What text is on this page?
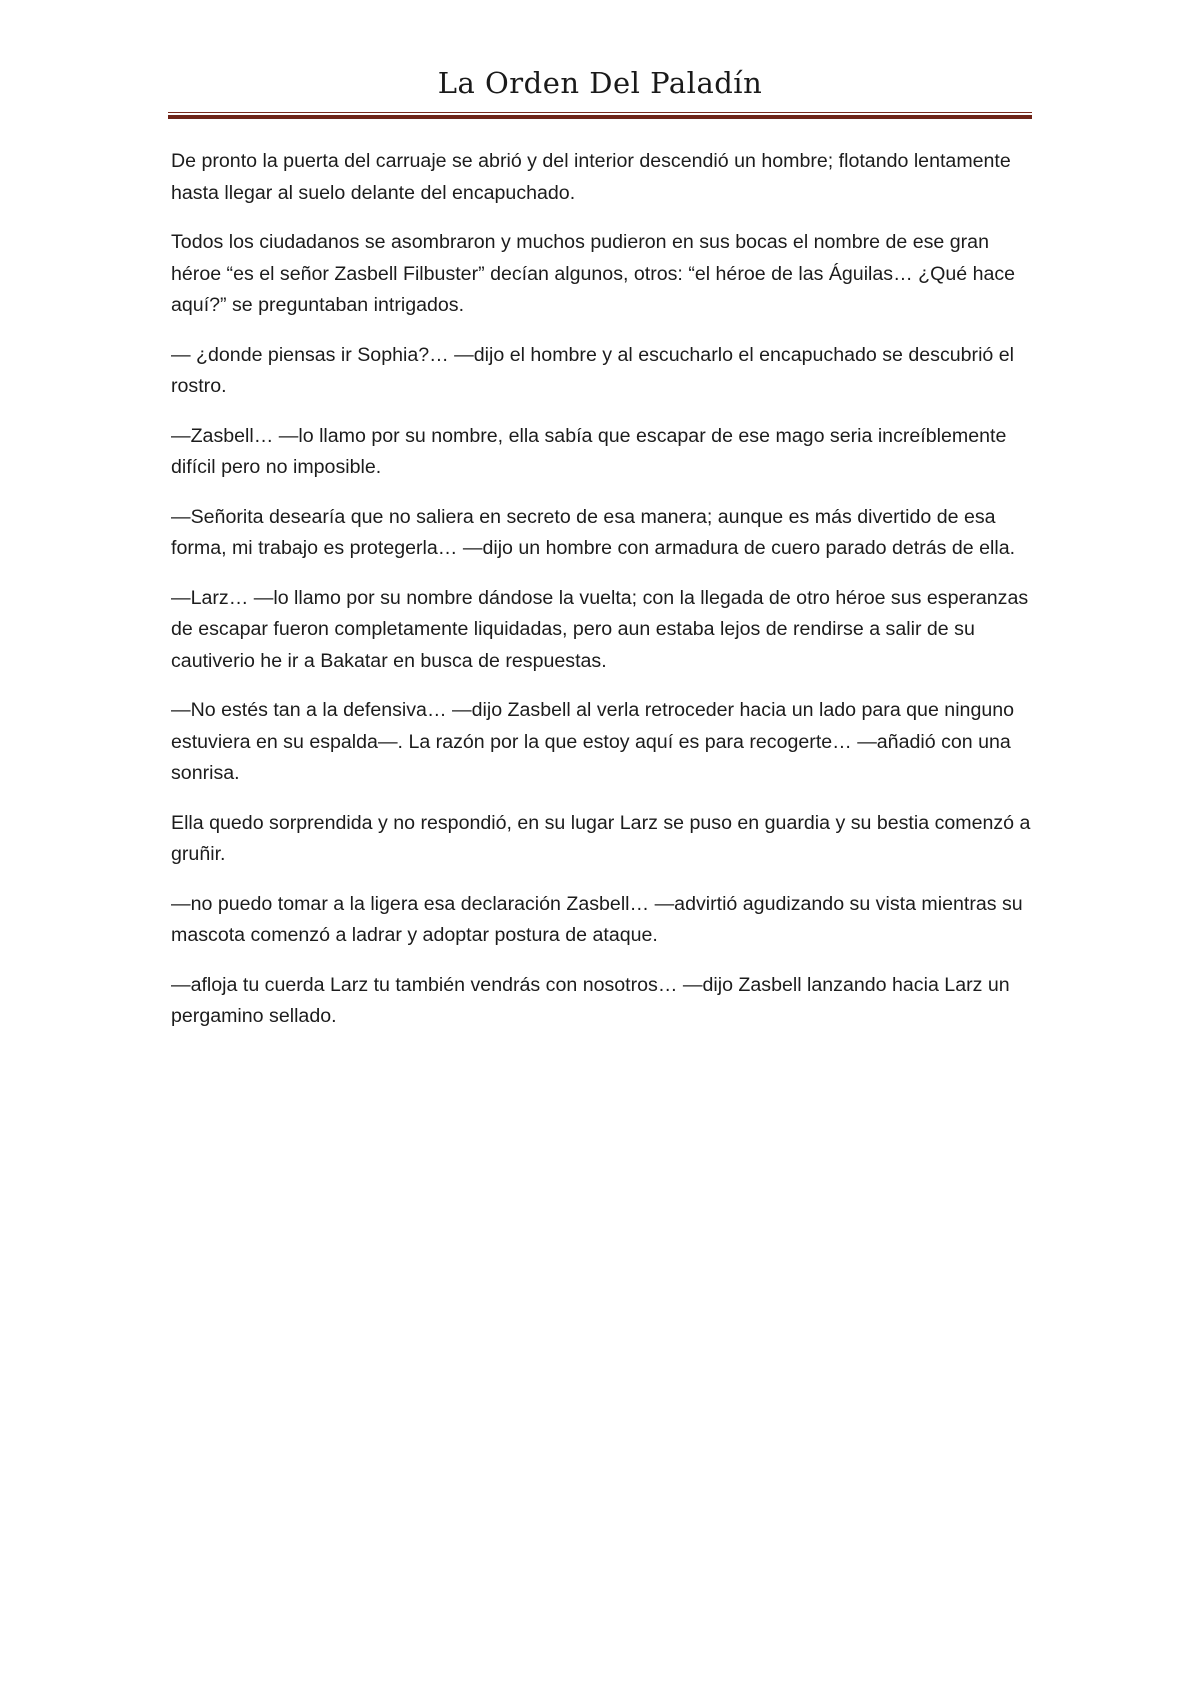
La Orden Del Paladín

De pronto la puerta del carruaje se abrió y del interior descendió un hombre; flotando lentamente hasta llegar al suelo delante del encapuchado.

Todos los ciudadanos se asombraron y muchos pudieron en sus bocas el nombre de ese gran héroe “es el señor Zasbell Filbuster” decían algunos, otros: “el héroe de las Águilas… ¿Qué hace aquí?” se preguntaban intrigados.

— ¿donde piensas ir Sophia?… —dijo el hombre y al escucharlo el encapuchado se descubrió el rostro.

—Zasbell… —lo llamo por su nombre, ella sabía que escapar de ese mago seria increíblemente difícil pero no imposible.

—Señorita desearía que no saliera en secreto de esa manera; aunque es más divertido de esa forma, mi trabajo es protegerla… —dijo un hombre con armadura de cuero parado detrás de ella.

—Larz… —lo llamo por su nombre dándose la vuelta; con la llegada de otro héroe sus esperanzas de escapar fueron completamente liquidadas, pero aun estaba lejos de rendirse a salir de su cautiverio he ir a Bakatar en busca de respuestas.

—No estés tan a la defensiva… —dijo Zasbell al verla retroceder hacia un lado para que ninguno estuviera en su espalda—. La razón por la que estoy aquí es para recogerte… —añadió con una sonrisa.

Ella quedo sorprendida y no respondió, en su lugar Larz se puso en guardia y su bestia comenzó a gruñir.

—no puedo tomar a la ligera esa declaración Zasbell… —advirtió agudizando su vista mientras su mascota comenzó a ladrar y adoptar postura de ataque.

—afloja tu cuerda Larz tu también vendrás con nosotros… —dijo Zasbell lanzando hacia Larz un pergamino sellado.
